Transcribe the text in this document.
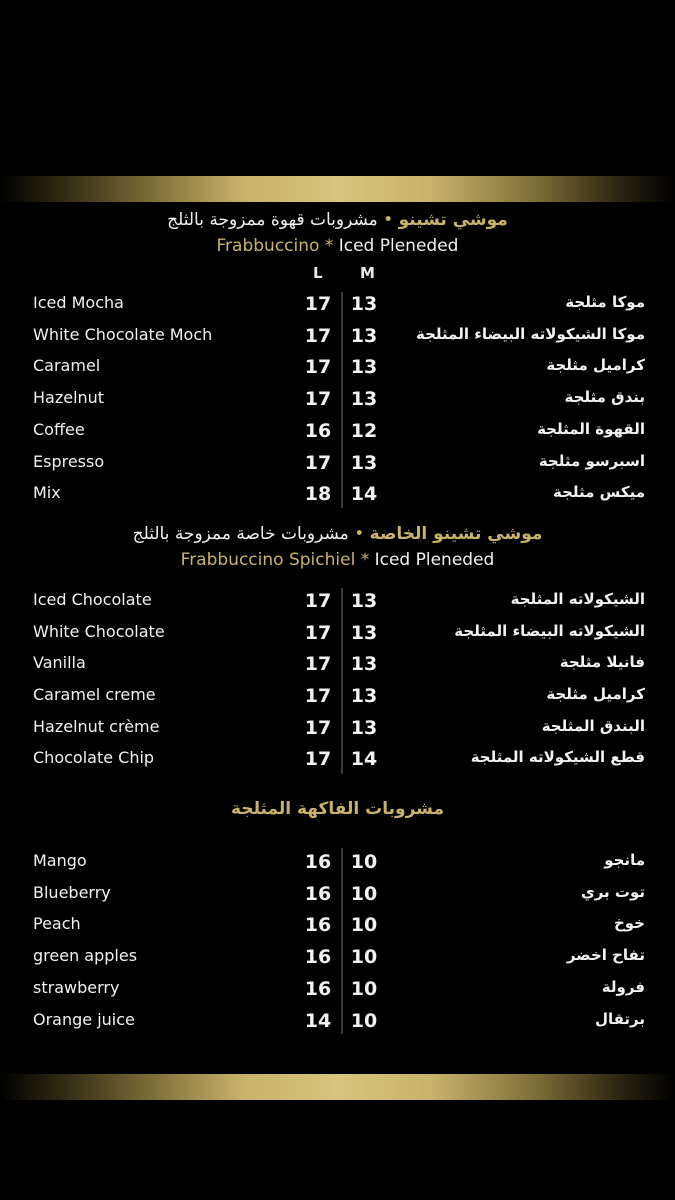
موشي تشينو • مشروبات قهوة ممزوجة بالثلج
Frabbuccino * Iced Pleneded
L M
Iced Mocha	17 13	موكا مثلجة
White Chocolate Moch	17 13	موكا الشيكولاته البيضاء المثلجة
Caramel	17 13	كراميل مثلجة
Hazelnut	17 13	بندق مثلجة
Coffee	16 12	القهوة المثلجة
Espresso	17 13	اسبرسو مثلجة
Mix	18 14	ميكس مثلجة
موشي تشينو الخاصة • مشروبات خاصة ممزوجة بالثلج
Frabbuccino Spichiel * Iced Pleneded
Iced Chocolate	17 13	الشيكولاته المثلجة
White Chocolate	17 13	الشيكولاته البيضاء المثلجة
Vanilla	17 13	فانيلا مثلجة
Caramel creme	17 13	كراميل مثلجة
Hazelnut crème	17 13	البندق المثلجة
Chocolate Chip	17 14	قطع الشيكولاته المثلجة
مشروبات الفاكهة المثلجة
Mango	16 10	مانجو
Blueberry	16 10	توت بري
Peach	16 10	خوخ
green apples	16 10	تفاح اخضر
strawberry	16 10	فرولة
Orange juice	14 10	برتقال
